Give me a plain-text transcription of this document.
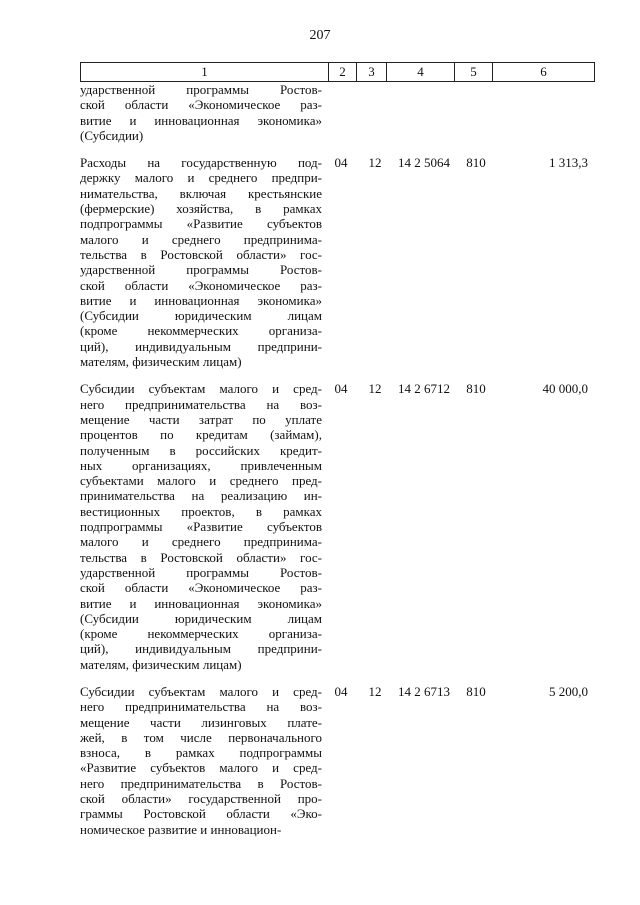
207
1	2	3	4	5	6
ударственной программы Ростов-
ской области «Экономическое раз-
витие и инновационная экономика»
(Субсидии)
Расходы на государственную под-
держку малого и среднего предпри-
нимательства, включая крестьянские
(фермерские) хозяйства, в рамках
подпрограммы «Развитие субъектов
малого и среднего предпринима-
тельства в Ростовской области» гос-
ударственной программы Ростов-
ской области «Экономическое раз-
витие и инновационная экономика»
(Субсидии юридическим лицам
(кроме некоммерческих организа-
ций), индивидуальным предприни-
мателям, физическим лицам)
04	12	14 2 5064	810	1 313,3
Субсидии субъектам малого и сред-
него предпринимательства на воз-
мещение части затрат по уплате
процентов по кредитам (займам),
полученным в российских кредит-
ных организациях, привлеченным
субъектами малого и среднего пред-
принимательства на реализацию ин-
вестиционных проектов, в рамках
подпрограммы «Развитие субъектов
малого и среднего предпринима-
тельства в Ростовской области» гос-
ударственной программы Ростов-
ской области «Экономическое раз-
витие и инновационная экономика»
(Субсидии юридическим лицам
(кроме некоммерческих организа-
ций), индивидуальным предприни-
мателям, физическим лицам)
04	12	14 2 6712	810	40 000,0
Субсидии субъектам малого и сред-
него предпринимательства на воз-
мещение части лизинговых плате-
жей, в том числе первоначального
взноса, в рамках подпрограммы
«Развитие субъектов малого и сред-
него предпринимательства в Ростов-
ской области» государственной про-
граммы Ростовской области «Эко-
номическое развитие и инновацион-
04	12	14 2 6713	810	5 200,0
